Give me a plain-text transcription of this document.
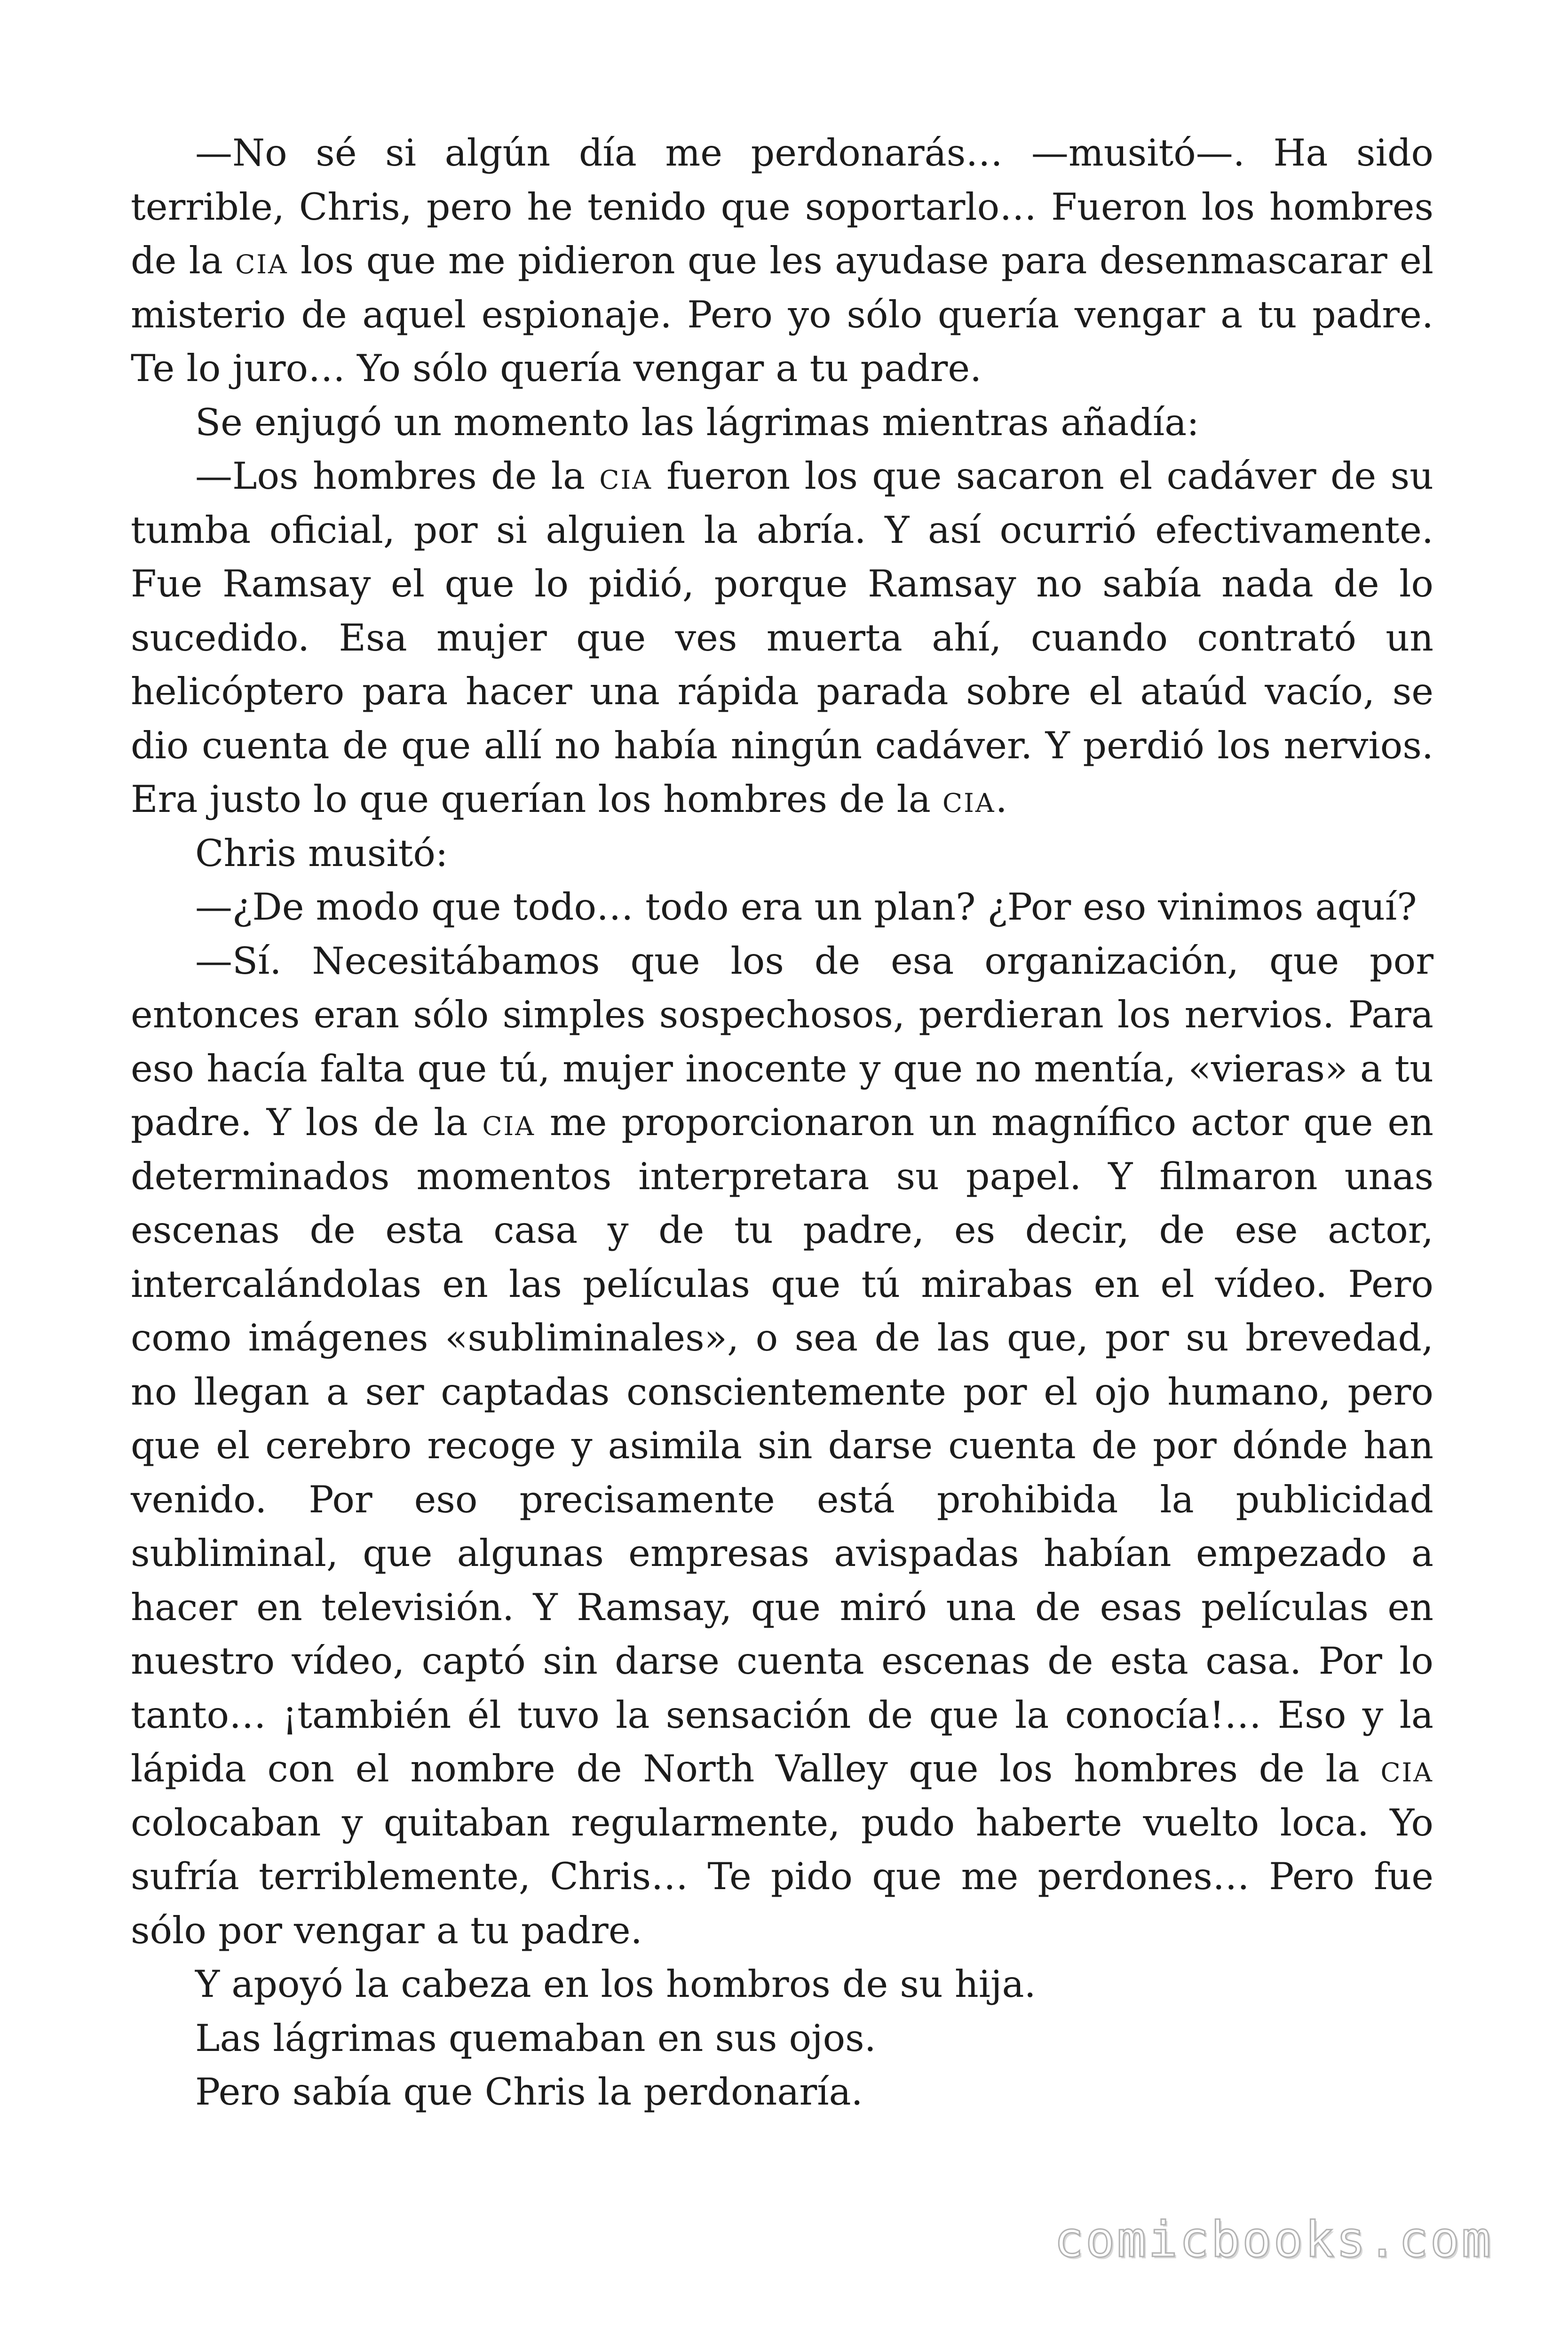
—No sé si algún día me perdonarás… —musitó—. Ha sido terrible, Chris, pero he tenido que soportarlo… Fueron los hombres de la cia los que me pidieron que les ayudase para desenmascarar el misterio de aquel espionaje. Pero yo sólo quería vengar a tu padre. Te lo juro… Yo sólo quería vengar a tu padre.

Se enjugó un momento las lágrimas mientras añadía:

—Los hombres de la cia fueron los que sacaron el cadáver de su tumba oficial, por si alguien la abría. Y así ocurrió efectivamente. Fue Ramsay el que lo pidió, porque Ramsay no sabía nada de lo sucedido. Esa mujer que ves muerta ahí, cuando contrató un helicóptero para hacer una rápida parada sobre el ataúd vacío, se dio cuenta de que allí no había ningún cadáver. Y perdió los nervios. Era justo lo que querían los hombres de la cia.

Chris musitó:

—¿De modo que todo… todo era un plan? ¿Por eso vinimos aquí?

—Sí. Necesitábamos que los de esa organización, que por entonces eran sólo simples sospechosos, perdieran los nervios. Para eso hacía falta que tú, mujer inocente y que no mentía, «vieras» a tu padre. Y los de la cia me proporcionaron un magnífico actor que en determinados momentos interpretara su papel. Y filmaron unas escenas de esta casa y de tu padre, es decir, de ese actor, intercalándolas en las películas que tú mirabas en el vídeo. Pero como imágenes «subliminales», o sea de las que, por su brevedad, no llegan a ser captadas conscientemente por el ojo humano, pero que el cerebro recoge y asimila sin darse cuenta de por dónde han venido. Por eso precisamente está prohibida la publicidad subliminal, que algunas empresas avispadas habían empezado a hacer en televisión. Y Ramsay, que miró una de esas películas en nuestro vídeo, captó sin darse cuenta escenas de esta casa. Por lo tanto… ¡también él tuvo la sensación de que la conocía!… Eso y la lápida con el nombre de North Valley que los hombres de la cia colocaban y quitaban regularmente, pudo haberte vuelto loca. Yo sufría terriblemente, Chris… Te pido que me perdones… Pero fue sólo por vengar a tu padre.

Y apoyó la cabeza en los hombros de su hija.

Las lágrimas quemaban en sus ojos.

Pero sabía que Chris la perdonaría.

comicbooks.com
